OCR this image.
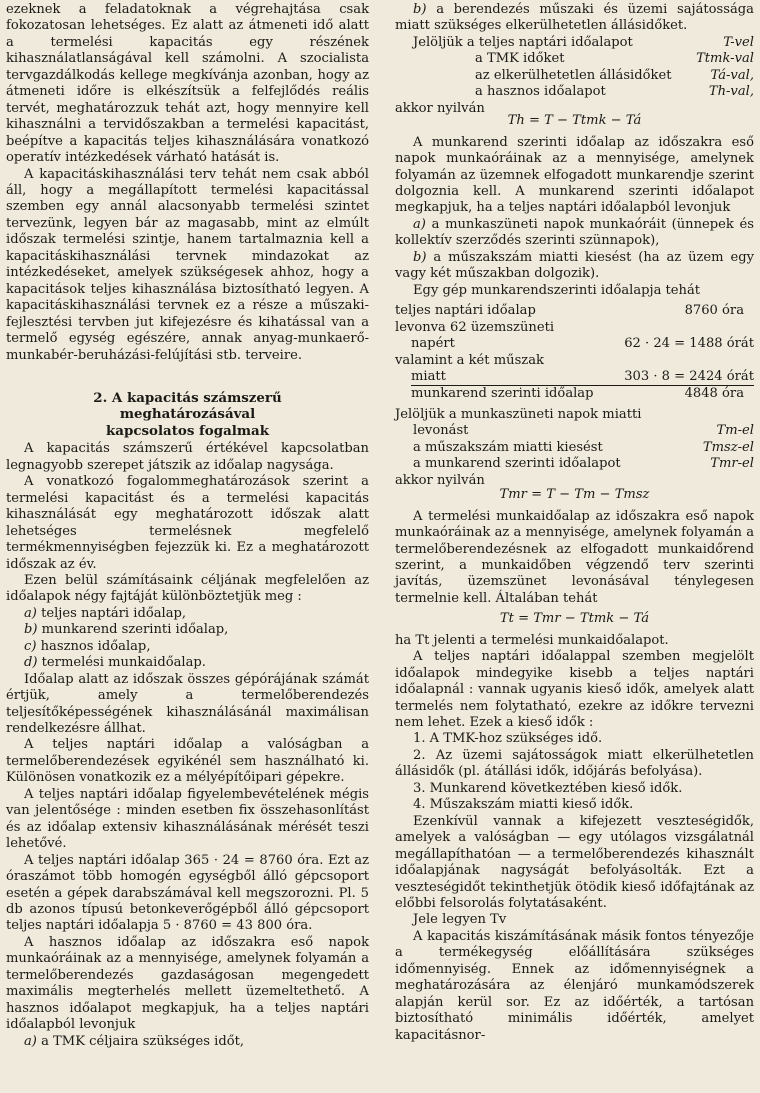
ezeknek a feladatoknak a végrehajtása csak fokozatosan lehetséges. Ez alatt az átmeneti idő alatt a termelési kapacitás egy részének kihasználatlanságával kell számolni. A szocialista tervgazdálkodás kellege megkívánja azonban, hogy az átmeneti időre is elkészítsük a felfejlődés reális tervét, meghatározzuk tehát azt, hogy mennyire kell kihasználni a tervidőszakban a termelési kapacitást, beépítve a kapacitás teljes kihasználására vonatkozó operatív intézkedések várható hatását is.

A kapacitáskihasználási terv tehát nem csak abból áll, hogy a megállapított termelési kapacitással szemben egy annál alacsonyabb termelési szintet tervezünk, legyen bár az magasabb, mint az elmúlt időszak termelési szintje, hanem tartalmaznia kell a kapacitáskihasználási tervnek mindazokat az intézkedéseket, amelyek szükségesek ahhoz, hogy a kapacitások teljes kihasználása biztosítható legyen. A kapacitáskihasználási tervnek ez a része a műszaki-fejlesztési tervben jut kifejezésre és kihatással van a termelő egység egészére, annak anyag-munkaerő-munkabér-beruházási-felújítási stb. terveire.

2. A kapacitás számszerű meghatározásával
kapcsolatos fogalmak

A kapacitás számszerű értékével kapcsolatban legnagyobb szerepet játszik az időalap nagysága.

A vonatkozó fogalommeghatározások szerint a termelési kapacitást és a termelési kapacitás kihasználását egy meghatározott időszak alatt lehetséges termelésnek megfelelő termékmennyiségben fejezzük ki. Ez a meghatározott időszak az év.

Ezen belül számításaink céljának megfelelően az időalapok négy fajtáját különböztetjük meg :

a) teljes naptári időalap,
b) munkarend szerinti időalap,
c) hasznos időalap,
d) termelési munkaidőalap.

Időalap alatt az időszak összes gépórájának számát értjük, amely a termelőberendezés teljesítőképességének kihasználásánál maximálisan rendelkezésre állhat.

A teljes naptári időalap a valóságban a termelőberendezések egyikénél sem használható ki. Különösen vonatkozik ez a mélyépítőipari gépekre.

A teljes naptári időalap figyelembevételének mégis van jelentősége : minden esetben fix összehasonlítást és az időalap extensiv kihasználásának mérését teszi lehetővé.

A teljes naptári időalap 365 · 24 = 8760 óra. Ezt az óraszámot több homogén egységből álló gépcsoport esetén a gépek darabszámával kell megszorozni. Pl. 5 db azonos típusú betonkeverőgépből álló gépcsoport teljes naptári időalapja 5 · 8760 = 43 800 óra.

A hasznos időalap az időszakra eső napok munkaóráinak az a mennyisége, amelynek folyamán a termelőberendezés gazdaságosan megengedett maximális megterhelés mellett üzemeltethető. A hasznos időalapot megkapjuk, ha a teljes naptári időalapból levonjuk

a) a TMK céljaira szükséges időt,

b) a berendezés műszaki és üzemi sajátossága miatt szükséges elkerülhetetlen állásidőket.

Jelöljük a teljes naptári időalapot	T-vel
a TMK időket	Ttmk-val
az elkerülhetetlen állásidőket	Tá-val,
a hasznos időalapot	Th-val,

akkor nyilván

Th = T − Ttmk − Tá

A munkarend szerinti időalap az időszakra eső napok munkaóráinak az a mennyisége, amelynek folyamán az üzemnek elfogadott munkarendje szerint dolgoznia kell. A munkarend szerinti időalapot megkapjuk, ha a teljes naptári időalapból levonjuk

a) a munkaszüneti napok munkaóráit (ünnepek és kollektív szerződés szerinti szünnapok),

b) a műszakszám miatti kiesést (ha az üzem egy vagy két műszakban dolgozik).

Egy gép munkarendszerinti időalapja tehát

teljes naptári időalap	8760 óra
levonva 62 üzemszüneti
napért	62 · 24 = 1488 órát
valamint a két műszak
miatt	303 · 8 = 2424 órát
munkarend szerinti időalap	4848 óra

Jelöljük a munkaszüneti napok miatti

levonást	Tm-el
a műszakszám miatti kiesést	Tmsz-el
a munkarend szerinti időalapot	Tmr-el

akkor nyilván

Tmr = T − Tm − Tmsz

A termelési munkaidőalap az időszakra eső napok munkaóráinak az a mennyisége, amelynek folyamán a termelőberendezésnek az elfogadott munkaidőrend szerint, a munkaidőben végzendő terv szerinti javítás, üzemszünet levonásával ténylegesen termelnie kell. Általában tehát

Tt = Tmr − Ttmk − Tá

ha Tt jelenti a termelési munkaidőalapot.

A teljes naptári időalappal szemben megjelölt időalapok mindegyike kisebb a teljes naptári időalapnál : vannak ugyanis kieső idők, amelyek alatt termelés nem folytatható, ezekre az időkre tervezni nem lehet. Ezek a kieső idők :

1. A TMK-hoz szükséges idő.

2. Az üzemi sajátosságok miatt elkerülhetetlen állásidők (pl. átállási idők, időjárás befolyása).

3. Munkarend következtében kieső idők.

4. Műszakszám miatti kieső idők.

Ezenkívül vannak a kifejezett veszteségidők, amelyek a valóságban — egy utólagos vizsgálatnál megállapíthatóan — a termelőberendezés kihasznált időalapjának nagyságát befolyásolták. Ezt a veszteségidőt tekinthetjük ötödik kieső időfajtának az előbbi felsorolás folytatásaként.

Jele legyen Tv

A kapacitás kiszámításának másik fontos tényezője a termékegység előállítására szükséges időmennyiség. Ennek az időmennyiségnek a meghatározására az élenjáró munkamódszerek alapján kerül sor. Ez az időérték, a tartósan biztosítható minimális időérték, amelyet kapacitásnor-
